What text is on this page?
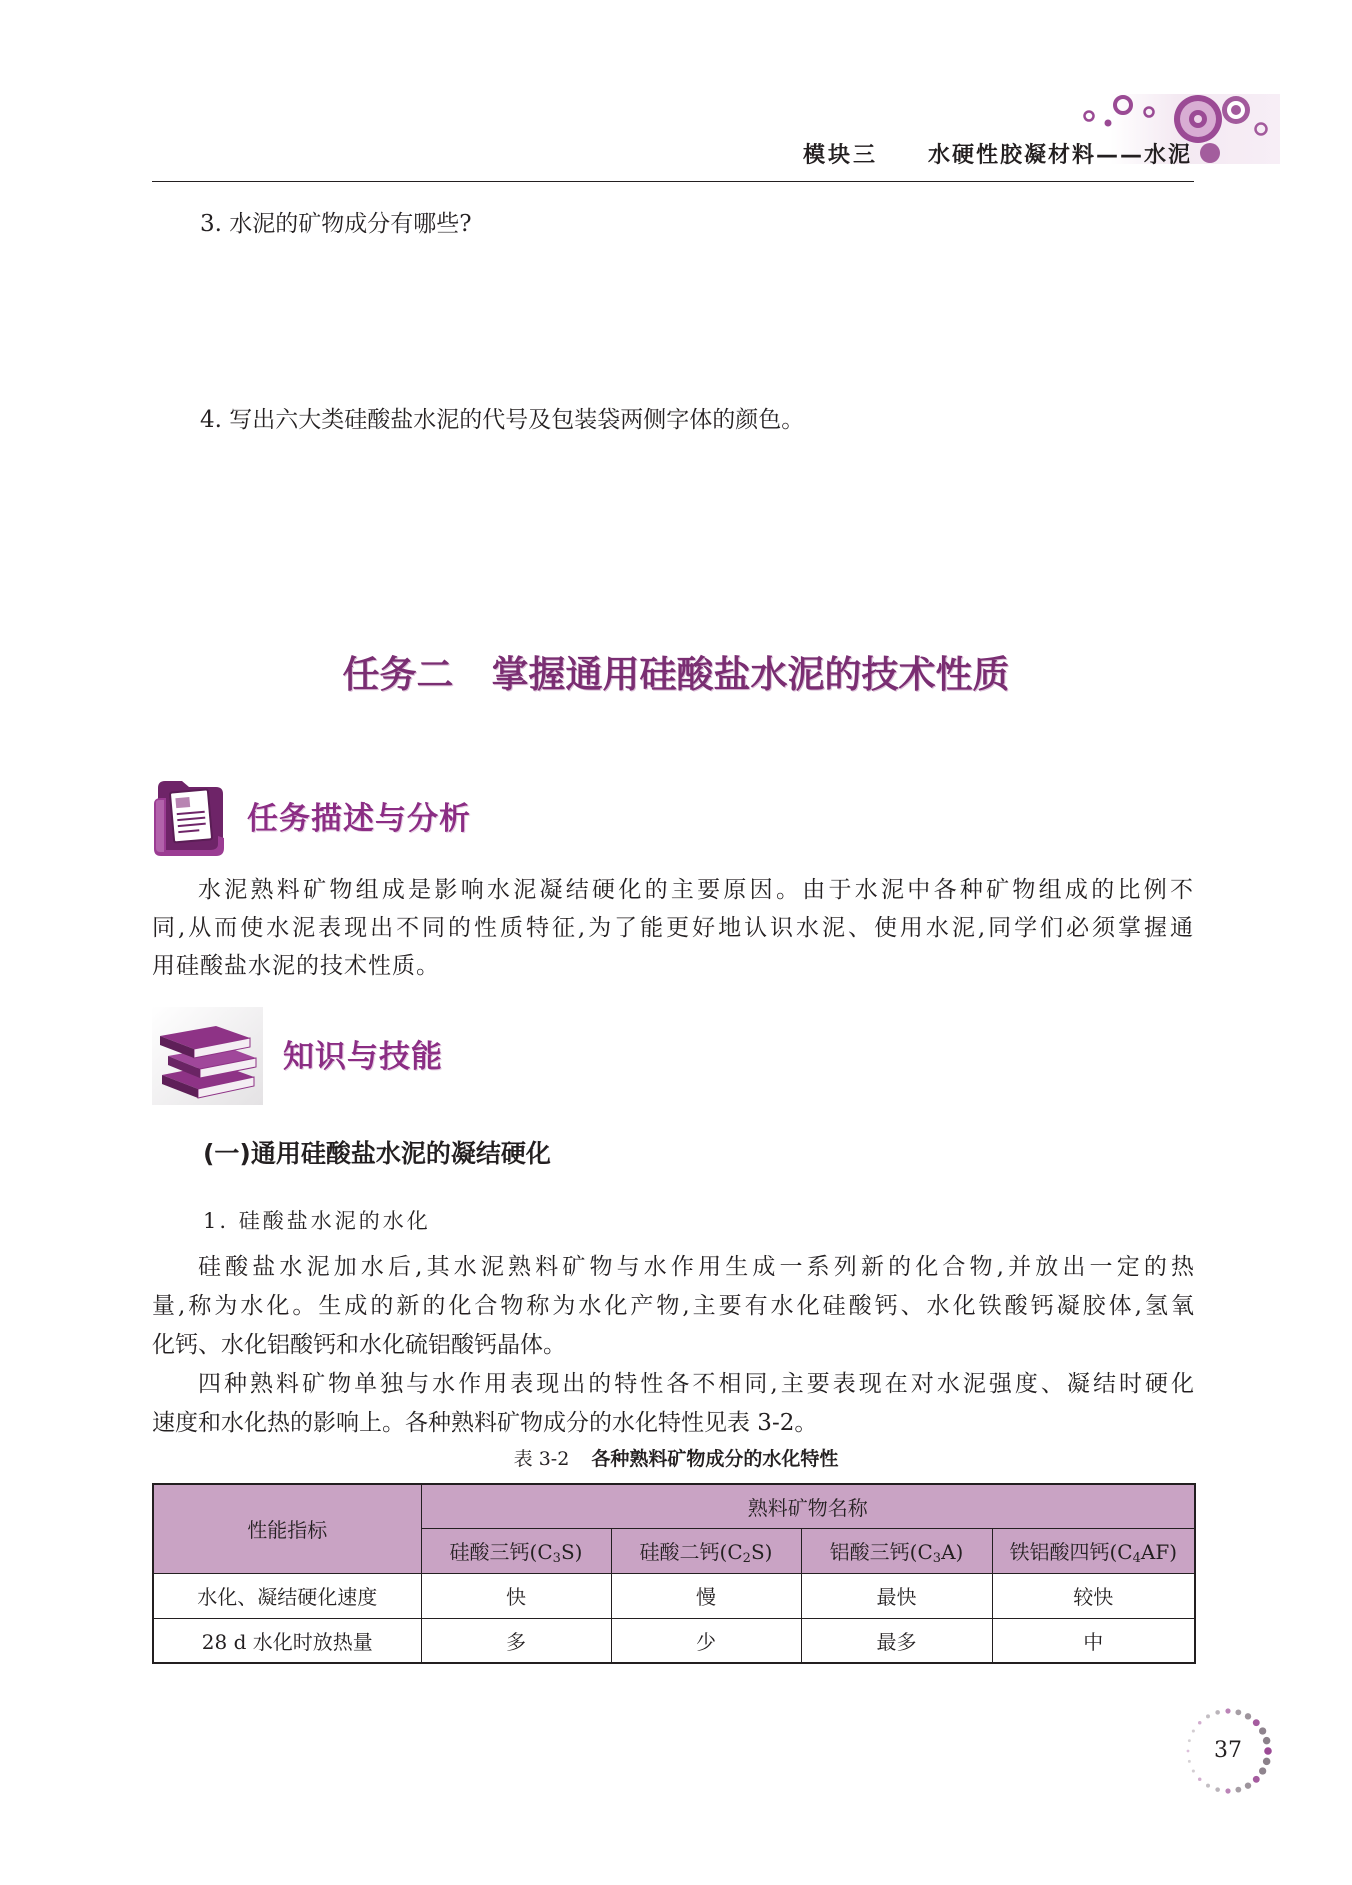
模块三 水硬性胶凝材料——水泥
3. 水泥的矿物成分有哪些?
4. 写出六大类硅酸盐水泥的代号及包装袋两侧字体的颜色。
任务二 掌握通用硅酸盐水泥的技术性质
任务描述与分析
水泥熟料矿物组成是影响水泥凝结硬化的主要原因。由于水泥中各种矿物组成的比例不
同,从而使水泥表现出不同的性质特征,为了能更好地认识水泥、使用水泥,同学们必须掌握通
用硅酸盐水泥的技术性质。
知识与技能
(一)通用硅酸盐水泥的凝结硬化
1. 硅酸盐水泥的水化
硅酸盐水泥加水后,其水泥熟料矿物与水作用生成一系列新的化合物,并放出一定的热
量,称为水化。生成的新的化合物称为水化产物,主要有水化硅酸钙、水化铁酸钙凝胶体,氢氧
化钙、水化铝酸钙和水化硫铝酸钙晶体。
四种熟料矿物单独与水作用表现出的特性各不相同,主要表现在对水泥强度、凝结时硬化
速度和水化热的影响上。各种熟料矿物成分的水化特性见表 3-2。
表 3-2 各种熟料矿物成分的水化特性
性能指标	熟料矿物名称			
	硅酸三钙$(C_3S)$	硅酸二钙$(C_2S)$	铝酸三钙$(C_3A)$	铁铝酸四钙$(C_4AF)$
水化、凝结硬化速度	快	慢	最快	较快
28 d 水化时放热量	多	少	最多	中
37
